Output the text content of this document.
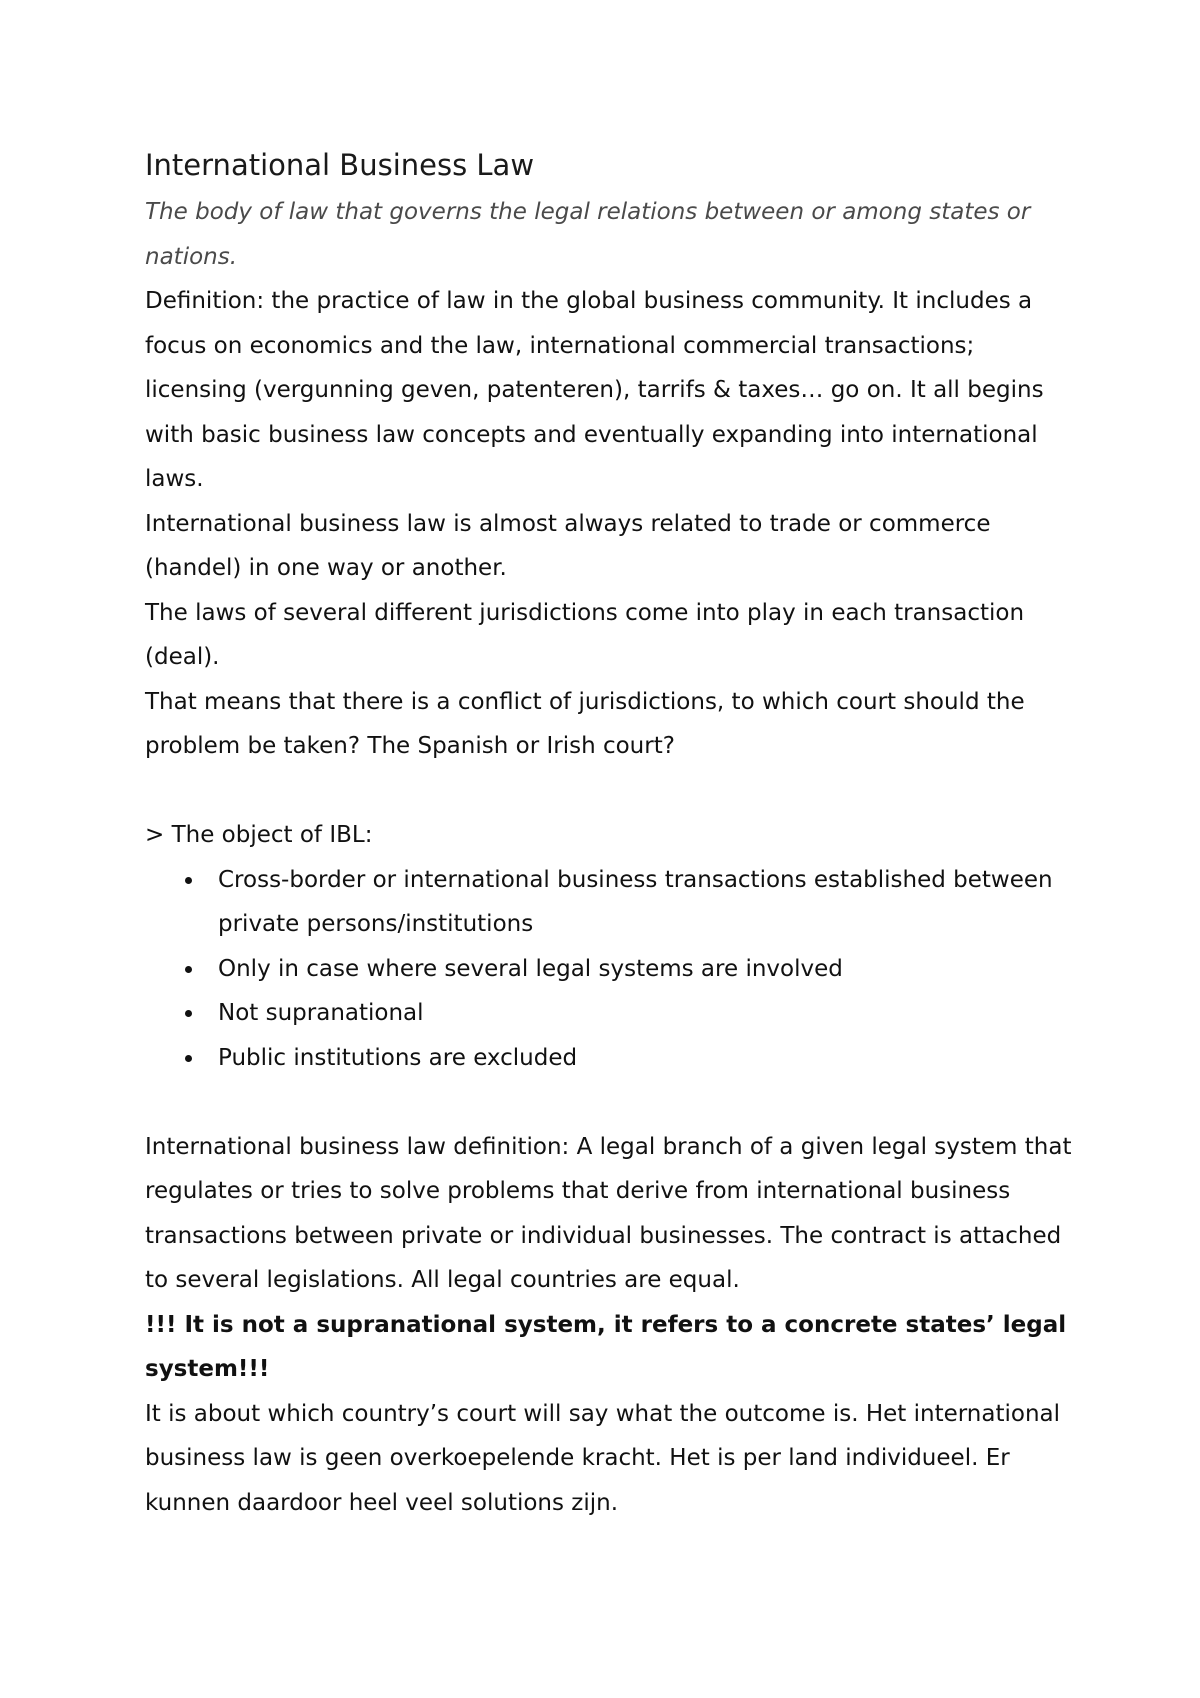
International Business Law

The body of law that governs the legal relations between or among states or nations.

Definition: the practice of law in the global business community. It includes a focus on economics and the law, international commercial transactions; licensing (vergunning geven, patenteren), tarrifs & taxes… go on. It all begins with basic business law concepts and eventually expanding into international laws.

International business law is almost always related to trade or commerce (handel) in one way or another.

The laws of several different jurisdictions come into play in each transaction (deal).

That means that there is a conflict of jurisdictions, to which court should the problem be taken? The Spanish or Irish court?

> The object of IBL:

Cross-border or international business transactions established between private persons/institutions
Only in case where several legal systems are involved
Not supranational
Public institutions are excluded

International business law definition: A legal branch of a given legal system that regulates or tries to solve problems that derive from international business transactions between private or individual businesses. The contract is attached to several legislations. All legal countries are equal.

!!! It is not a supranational system, it refers to a concrete states’ legal system!!!

It is about which country’s court will say what the outcome is. Het international business law is geen overkoepelende kracht. Het is per land individueel. Er kunnen daardoor heel veel solutions zijn.
